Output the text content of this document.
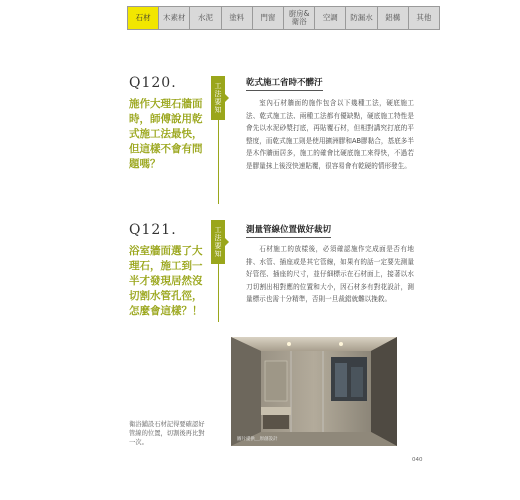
石材	木素材	水泥	塗料	門窗	廚房&
衛浴	空調	防漏水	鋁構	其他
Q120.
施作大理石牆面時，師傅說用乾式施工法最快，但這樣不會有問題嗎？
工法要知	乾式施工省時不髒汙

室內石材牆面的施作包含以下幾種工法，硬底施工法、乾式施工法、兩種工法都有優缺點，硬底施工特性是會先以水泥砂漿打底，再貼覆石材，但相對講究打底的平整度，而乾式施工則是使用擴洲膠和AB膠黏合，基底多半是木作牆面居多，施工的確會比硬底施工來得快，不過若是膠量抹上後沒快速貼覆，很容易會有乾硬的情形發生。

Q121.
浴室牆面選了大理石，施工到一半才發現居然沒切割水管孔徑，怎麼會這樣？！
工法要知	測量管線位置做好裁切

石材施工的放樣後，必須確認施作完成面是否有地排、水管、插座或是其它管線，如果有的話一定要先測量好管徑、插座的尺寸，並仔細標示在石材面上，接著以水刀切割出相對應的位置和大小，因石材多有對花設計，測量標示也需十分精準，否則一旦裁錯就難以挽救。

圖片提供＿原創設計
衛浴鋪設石材記得要確認好管線的位置，切割後再比對一次。
040
